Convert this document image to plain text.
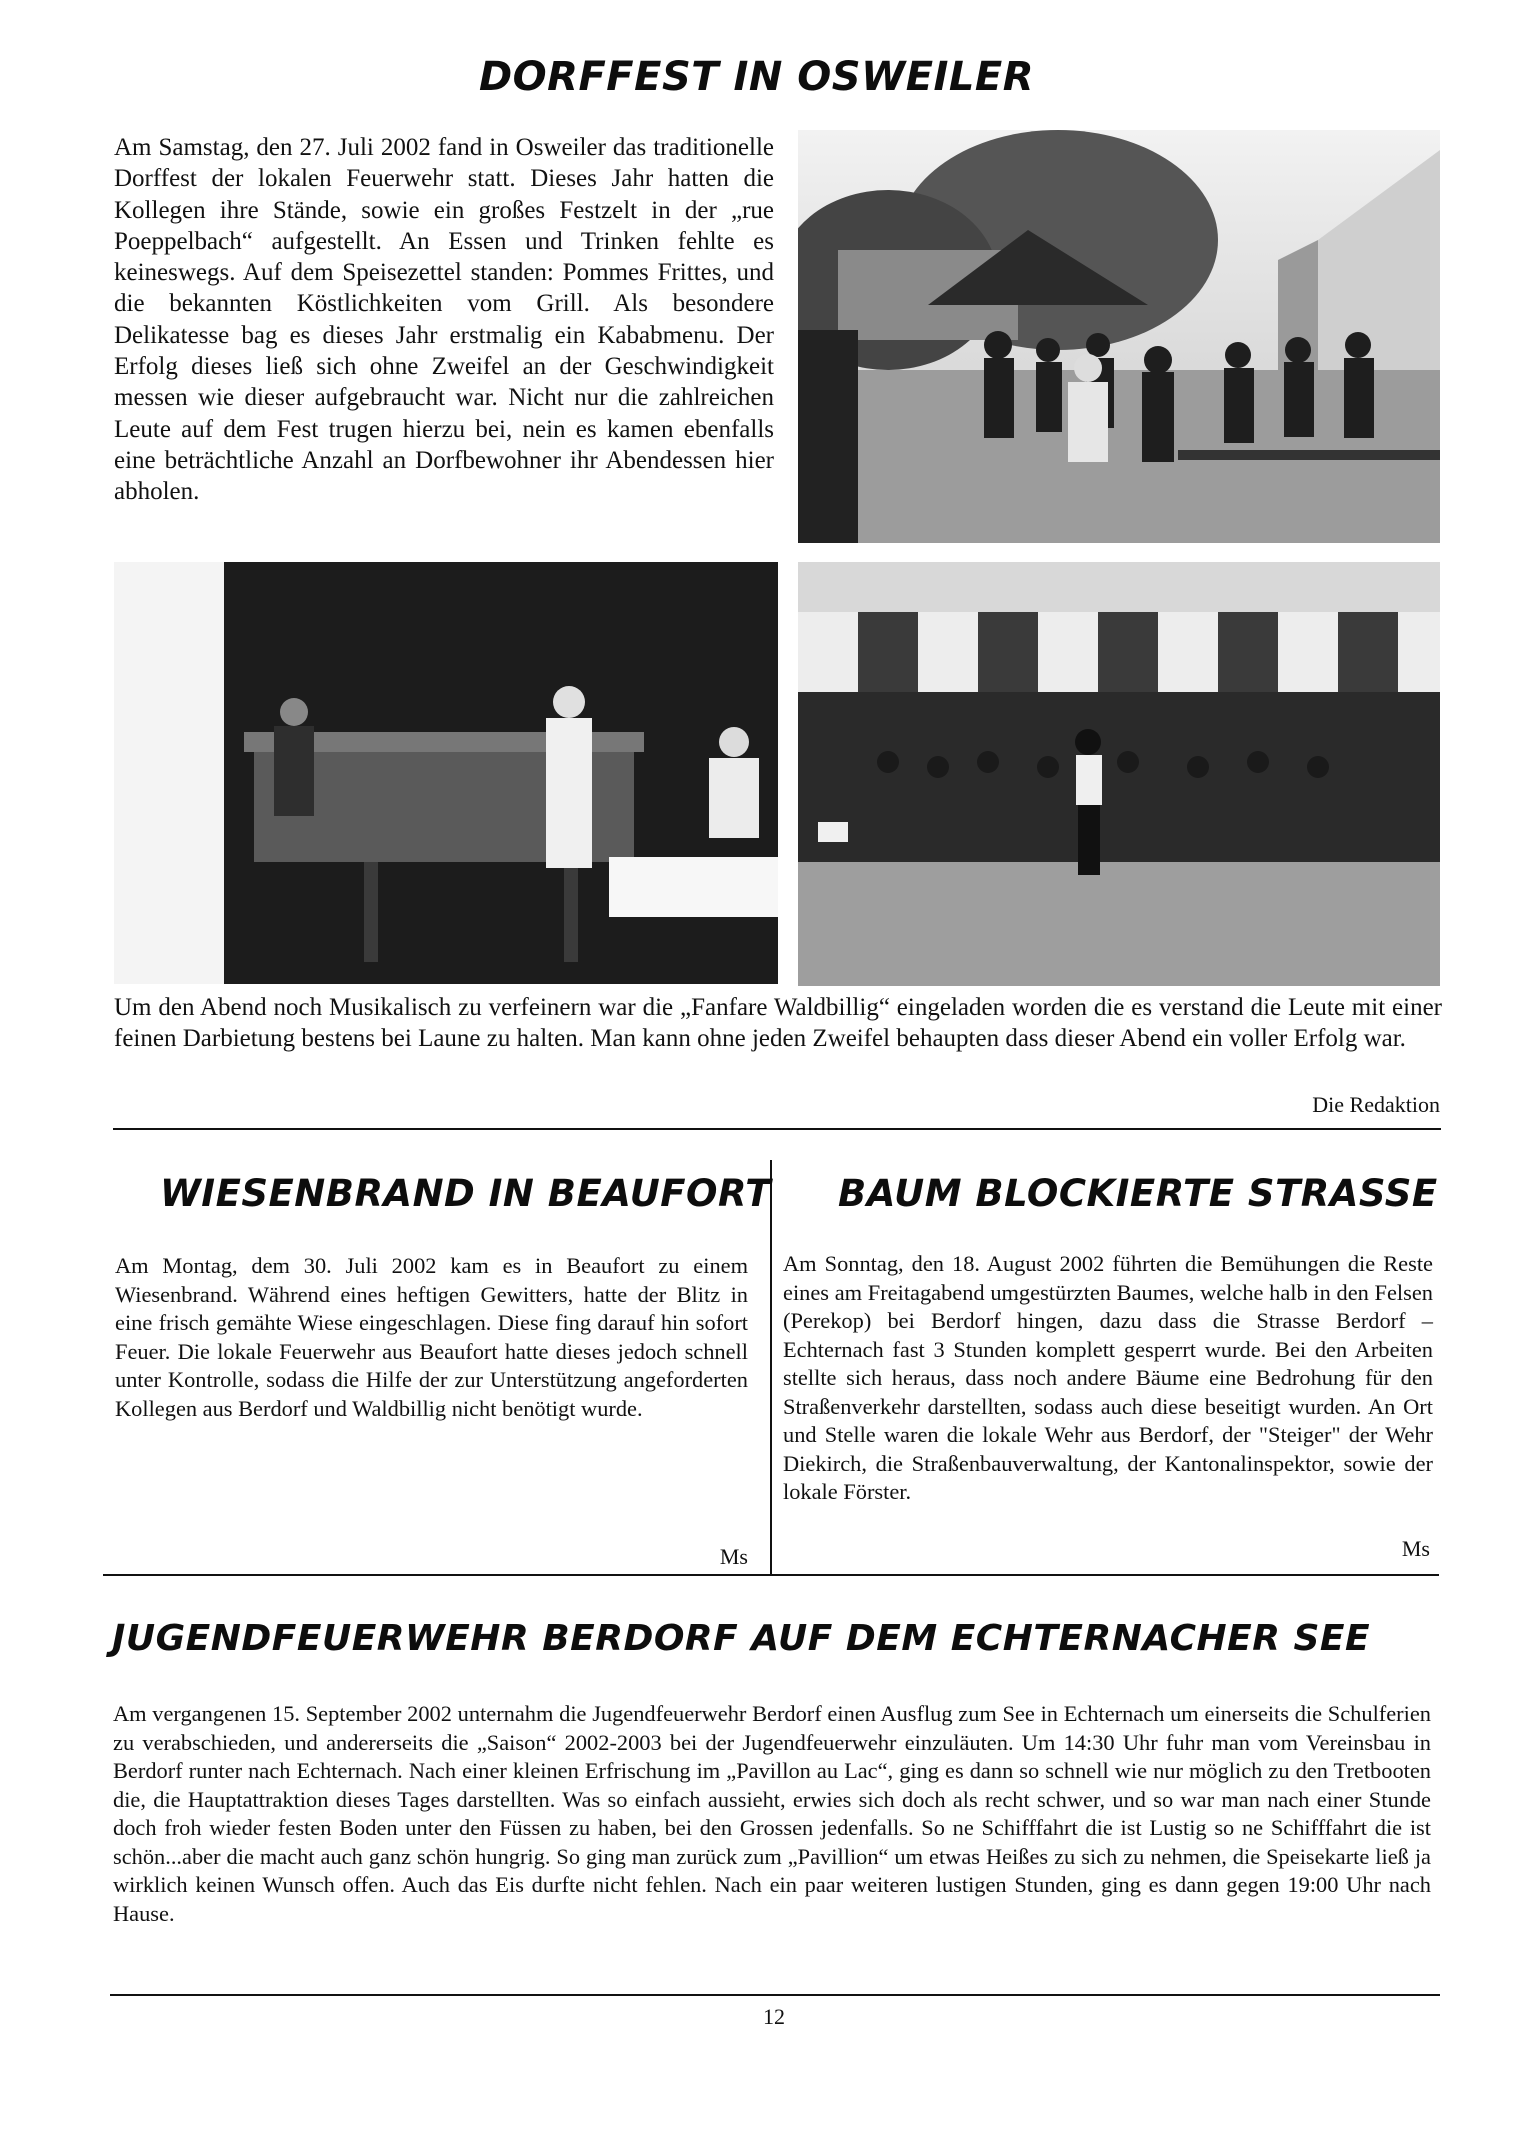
DORFFEST IN OSWEILER

Am Samstag, den 27. Juli 2002 fand in Osweiler das traditionelle Dorffest der lokalen Feuerwehr statt. Dieses Jahr hatten die Kollegen ihre Stände, sowie ein großes Festzelt in der „rue Poeppelbach“ aufgestellt. An Essen und Trinken fehlte es keineswegs. Auf dem Speisezettel standen: Pommes Frittes, und die bekannten Köstlichkeiten vom Grill. Als besondere Delikatesse bag es dieses Jahr erstmalig ein Kababmenu. Der Erfolg dieses ließ sich ohne Zweifel an der Geschwindigkeit messen wie dieser aufgebraucht war. Nicht nur die zahlreichen Leute auf dem Fest trugen hierzu bei, nein es kamen ebenfalls eine beträchtliche Anzahl an Dorfbewohner ihr Abendessen hier abholen.

Um den Abend noch Musikalisch zu verfeinern war die „Fanfare Waldbillig“ eingeladen worden die es verstand die Leute mit einer feinen Darbietung bestens bei Laune zu halten. Man kann ohne jeden Zweifel behaupten dass dieser Abend ein voller Erfolg war.

Die Redaktion

WIESENBRAND IN BEAUFORT

Am Montag, dem 30. Juli 2002 kam es in Beaufort zu einem Wiesenbrand. Während eines heftigen Gewitters, hatte der Blitz in eine frisch gemähte Wiese eingeschlagen. Diese fing darauf hin sofort Feuer. Die lokale Feuerwehr aus Beaufort hatte dieses jedoch schnell unter Kontrolle, sodass die Hilfe der zur Unterstützung angeforderten Kollegen aus Berdorf und Waldbillig nicht benötigt wurde.

Ms

BAUM BLOCKIERTE STRASSE

Am Sonntag, den 18. August 2002 führten die Bemühungen die Reste eines am Freitagabend umgestürzten Baumes, welche halb in den Felsen (Perekop) bei Berdorf hingen, dazu dass die Strasse Berdorf – Echternach fast 3 Stunden komplett gesperrt wurde. Bei den Arbeiten stellte sich heraus, dass noch andere Bäume eine Bedrohung für den Straßenverkehr darstellten, sodass auch diese beseitigt wurden. An Ort und Stelle waren die lokale Wehr aus Berdorf, der "Steiger" der Wehr Diekirch, die Straßenbauverwaltung, der Kantonalinspektor, sowie der lokale Förster.

Ms

JUGENDFEUERWEHR BERDORF AUF DEM ECHTERNACHER SEE

Am vergangenen 15. September 2002 unternahm die Jugendfeuerwehr Berdorf einen Ausflug zum See in Echternach um einerseits die Schulferien zu verabschieden, und andererseits die „Saison“ 2002-2003 bei der Jugendfeuerwehr einzuläuten. Um 14:30 Uhr fuhr man vom Vereinsbau in Berdorf runter nach Echternach. Nach einer kleinen Erfrischung im „Pavillon au Lac“, ging es dann so schnell wie nur möglich zu den Tretbooten die, die Hauptattraktion dieses Tages darstellten. Was so einfach aussieht, erwies sich doch als recht schwer, und so war man nach einer Stunde doch froh wieder festen Boden unter den Füssen zu haben, bei den Grossen jedenfalls. So ne Schifffahrt die ist Lustig so ne Schifffahrt die ist schön...aber die macht auch ganz schön hungrig. So ging man zurück zum „Pavillion“ um etwas Heißes zu sich zu nehmen, die Speisekarte ließ ja wirklich keinen Wunsch offen. Auch das Eis durfte nicht fehlen. Nach ein paar weiteren lustigen Stunden, ging es dann gegen 19:00 Uhr nach Hause.

12
